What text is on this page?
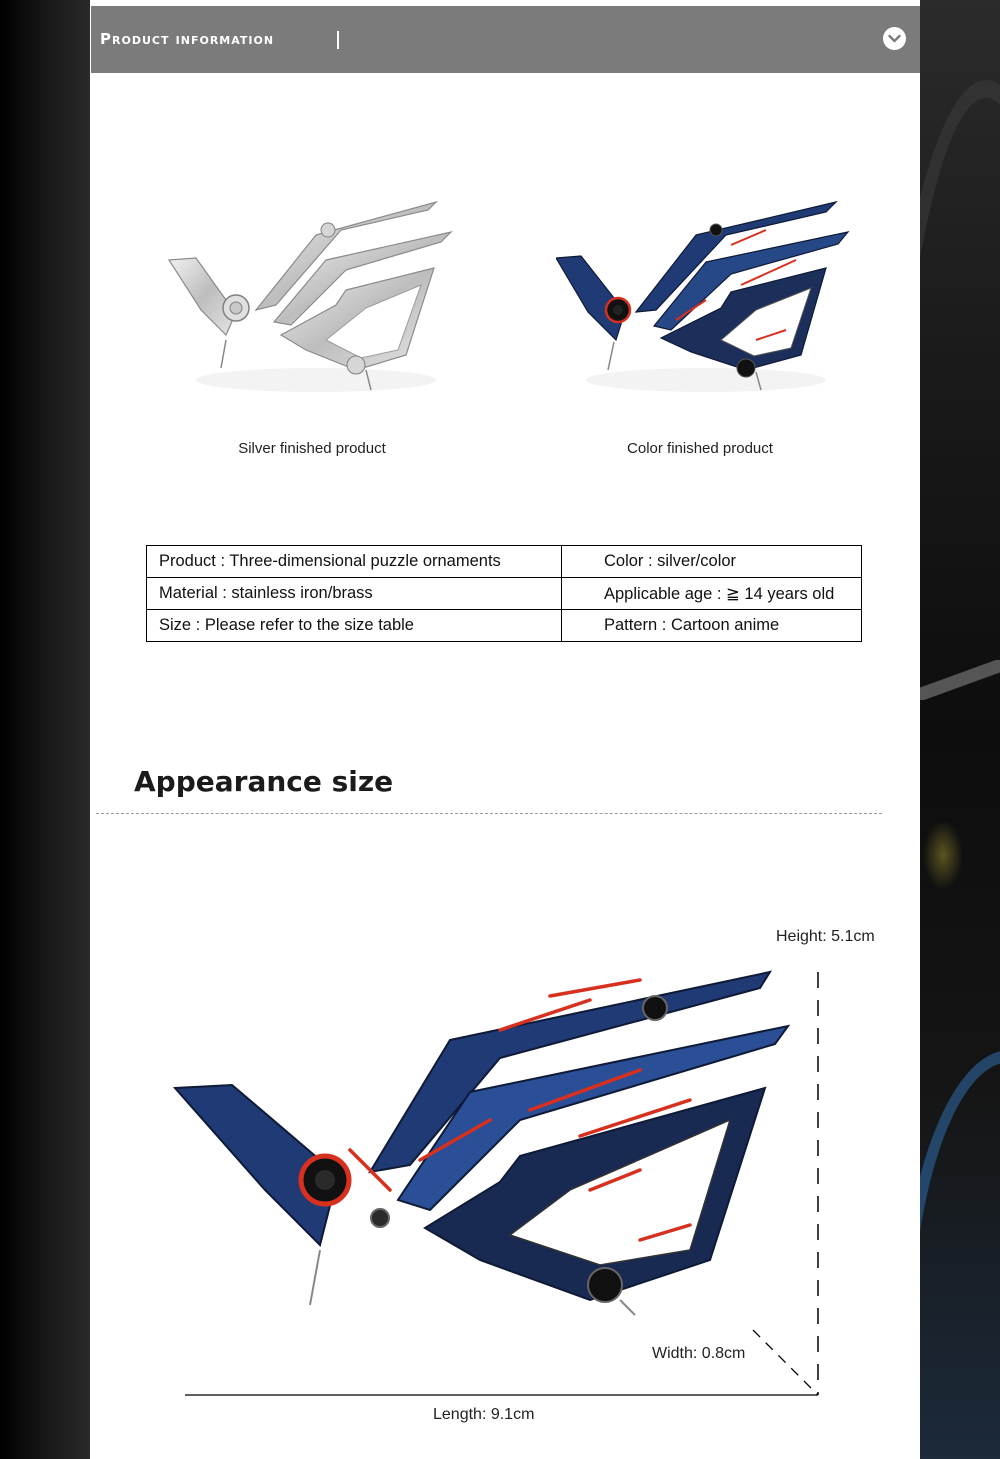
Product information
Silver finished product	Color finished product
Product : Three-dimensional puzzle ornaments	Color : silver/color
Material : stainless iron/brass	Applicable age : ≧ 14 years old
Size : Please refer to the size table	Pattern : Cartoon anime
Appearance size
Height: 5.1cm
Width: 0.8cm
Length: 9.1cm
